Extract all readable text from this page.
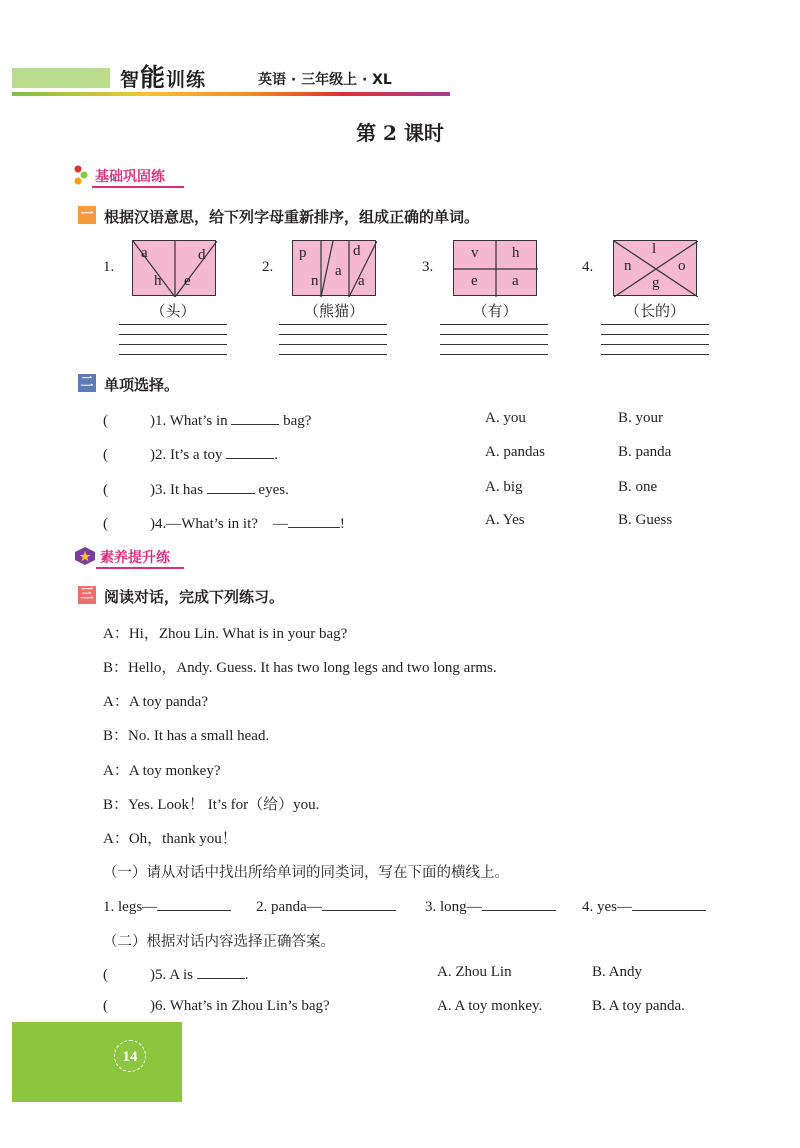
智能训练	英语 · 三年级上 · XL
第 2 课时
基础巩固练
一 根据汉语意思，给下列字母重新排序，组成正确的单词。
1.
a	d
h e
（头）
2.
p	d
n
a
a
（熊猫）
3.
v h
e a
（有）
4.
l
n	o
g
（长的）
二 单项选择。
(	)1. What’s in	bag?	A. you	B. your
(	)2. It’s a toy	.	A. pandas	B. panda
(	)3. It has	eyes.	A. big	B. one
(	)4.—What’s in it?　—	!	A. Yes	B. Guess
素养提升练
三 阅读对话，完成下列练习。
A：Hi，Zhou Lin. What is in your bag?
B：Hello，Andy. Guess. It has two long legs and two long arms.
A：A toy panda?
B：No. It has a small head.
A：A toy monkey?
B：Yes. Look！ It’s for（给）you.
A：Oh，thank you！
（一）请从对话中找出所给单词的同类词，写在下面的横线上。
1. legs—	2. panda—	3. long—	4. yes—
（二）根据对话内容选择正确答案。
(	)5. A is	.	A. Zhou Lin	B. Andy
(	)6. What’s in Zhou Lin’s bag?	A. A toy monkey.	B. A toy panda.
14
